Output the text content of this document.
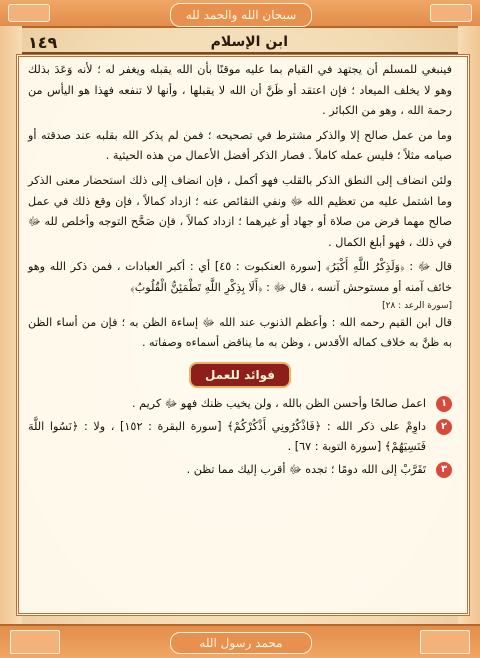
سبحان الله والحمد لله
ابن الإسلام
١٤٩

فينبغي للمسلم أن يجتهد في القيام بما عليه موقنًا بأن الله يقبله ويغفر له ؛ لأنه وَعَدَ بذلك وهو لا يخلف الميعاد ؛ فإن اعتقد أو ظَنَّ أن الله لا يقبلها ، وأنها لا تنفعه فهذا هو اليأس من رحمة الله ، وهو من الكبائر .

وما من عمل صالح إلا والذكر مشترط في تصحيحه ؛ فمن لم يذكر الله بقلبه عند صدقته أو صيامه مثلاً ؛ فليس عمله كاملاً . فصار الذكر أفضل الأعمال من هذه الحيثية .

ولئن انضاف إلى النطق الذكر بالقلب فهو أكمل ، فإن انضاف إلى ذلك استحضار معنى الذكر وما اشتمل عليه من تعظيم الله ﷻ ونفي النقائص عنه ؛ ازداد كمالاً ، فإن وقع ذلك في عمل صالح مهما فرض من صلاة أو جهاد أو غيرهما ؛ ازداد كمالاً ، فإن صَحَّح التوجه وأخلص لله ﷻ في ذلك ، فهو أبلغ الكمال .

قال ﷻ : ﴿وَلَذِكْرُ اللَّهِ أَكْبَرُ﴾ [سورة العنكبوت : ٤٥] أي : أكبر العبادات ، فمن ذكر الله وهو خائف آمنه أو مستوحش آنسه ، قال ﷻ : ﴿أَلَا بِذِكْرِ اللَّهِ تَطْمَئِنُّ الْقُلُوبُ﴾

[سورة الرعد : ٢٨]

قال ابن القيم رحمه الله : وأعظم الذنوب عند الله ﷻ إساءة الظن به ؛ فإن من أساء الظن به ظنَّ به خلاف كماله الأقدس ، وظن به ما يناقض أسماءه وصفاته .

فوائد للعمل
١
اعمل صالحًا وأحسن الظن بالله ، ولن يخيب ظنك فهو ﷻ كريم .
٢
داوِمْ على ذكر الله : ﴿فَاذْكُرُونِي أَذْكُرْكُمْ﴾ [سورة البقرة : ١٥٢] ، ولا : ﴿نَسُوا اللَّهَ فَنَسِيَهُمْ﴾ [سورة التوبة : ٦٧] .
٣
تَقَرَّبْ إلى الله دومًا ؛ تجده ﷻ أقرب إليك مما تظن .
محمد رسول الله
